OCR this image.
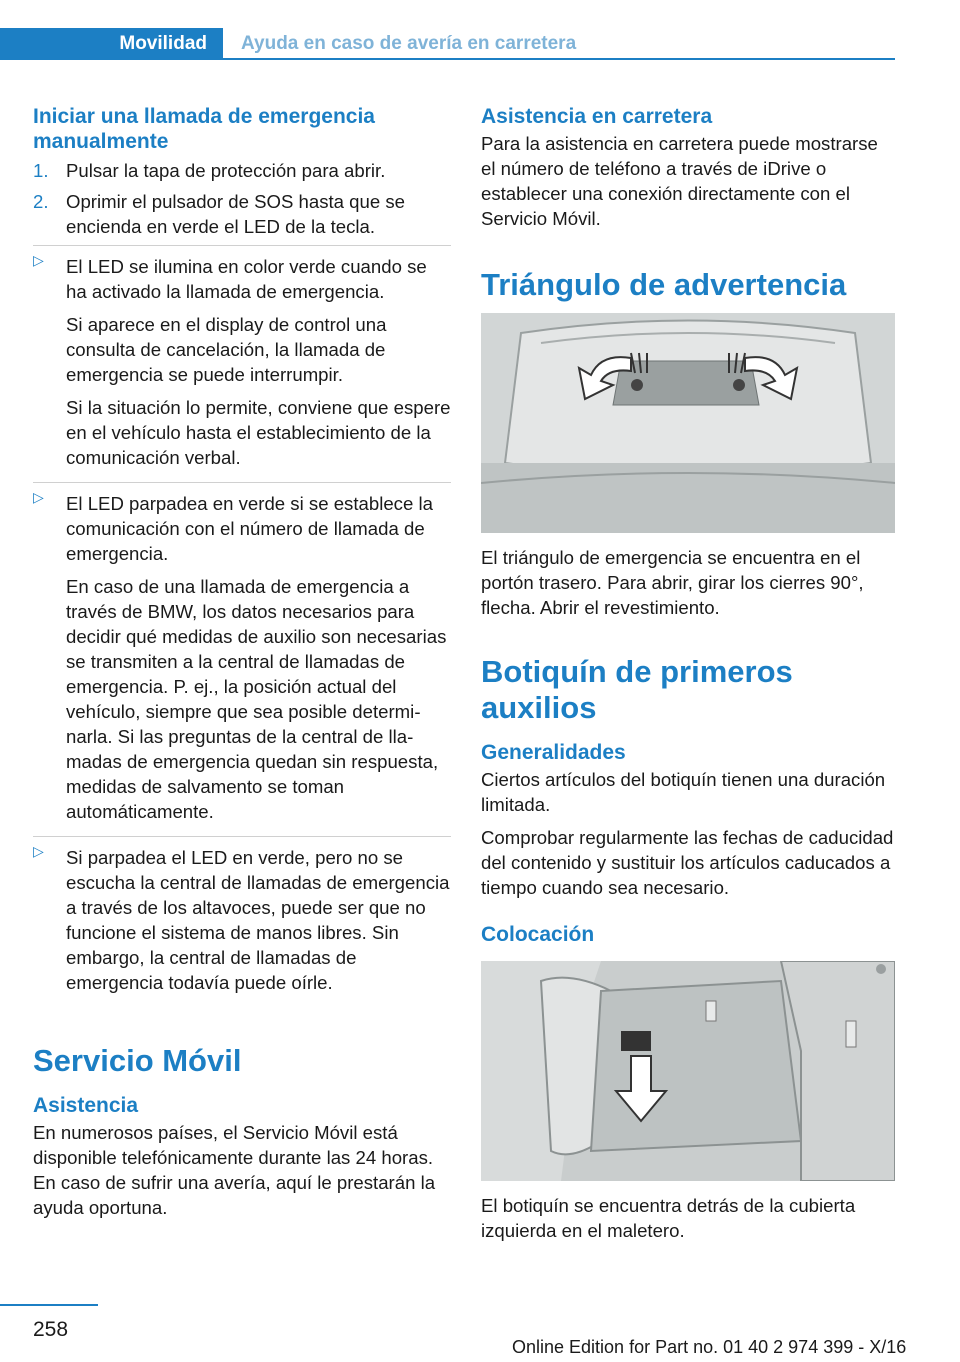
Movilidad Ayuda en caso de avería en carretera

Iniciar una llamada de emergencia manualmente

1. Pulsar la tapa de protección para abrir.
2. Oprimir el pulsador de SOS hasta que se encienda en verde el LED de la tecla.
▷ El LED se ilumina en color verde cuando se ha activado la llamada de emergencia.

Si aparece en el display de control una consulta de cancelación, la llamada de emergencia se puede interrumpir.

Si la situación lo permite, conviene que espere en el vehículo hasta el establecimiento de la comunicación verbal.

▷ El LED parpadea en verde si se establece la comunicación con el número de llamada de emergencia.

En caso de una llamada de emergencia a través de BMW, los datos necesarios para decidir qué medidas de auxilio son necesarias se transmiten a la central de llamadas de emergencia. P. ej., la posición actual del vehículo, siempre que sea posible determinarla. Si las preguntas de la central de llamadas de emergencia quedan sin respuesta, medidas de salvamento se toman automáticamente.

▷ Si parpadea el LED en verde, pero no se escucha la central de llamadas de emergencia a través de los altavoces, puede ser que no funcione el sistema de manos libres. Sin embargo, la central de llamadas de emergencia todavía puede oírle.

Servicio Móvil

Asistencia

En numerosos países, el Servicio Móvil está disponible telefónicamente durante las 24 horas. En caso de sufrir una avería, aquí le prestarán la ayuda oportuna.

Asistencia en carretera

Para la asistencia en carretera puede mostrarse el número de teléfono a través de iDrive o establecer una conexión directamente con el Servicio Móvil.

Triángulo de advertencia

El triángulo de emergencia se encuentra en el portón trasero. Para abrir, girar los cierres 90°, flecha. Abrir el revestimiento.

Botiquín de primeros auxilios

Generalidades

Ciertos artículos del botiquín tienen una duración limitada.

Comprobar regularmente las fechas de caducidad del contenido y sustituir los artículos caducados a tiempo cuando sea necesario.

Colocación

El botiquín se encuentra detrás de la cubierta izquierda en el maletero.

258
Online Edition for Part no. 01 40 2 974 399 - X/16
